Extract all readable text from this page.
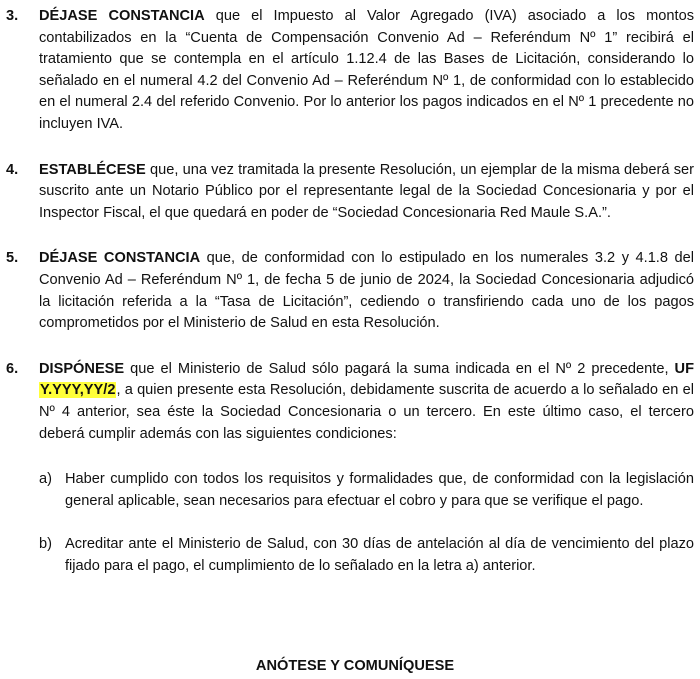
3. DÉJASE CONSTANCIA que el Impuesto al Valor Agregado (IVA) asociado a los montos contabilizados en la “Cuenta de Compensación Convenio Ad – Referéndum Nº 1” recibirá el tratamiento que se contempla en el artículo 1.12.4 de las Bases de Licitación, considerando lo señalado en el numeral 4.2 del Convenio Ad – Referéndum Nº 1, de conformidad con lo establecido en el numeral 2.4 del referido Convenio. Por lo anterior los pagos indicados en el Nº 1 precedente no incluyen IVA.

4. ESTABLÉCESE que, una vez tramitada la presente Resolución, un ejemplar de la misma deberá ser suscrito ante un Notario Público por el representante legal de la Sociedad Concesionaria y por el Inspector Fiscal, el que quedará en poder de “Sociedad Concesionaria Red Maule S.A.”.

5. DÉJASE CONSTANCIA que, de conformidad con lo estipulado en los numerales 3.2 y 4.1.8 del Convenio Ad – Referéndum Nº 1, de fecha 5 de junio de 2024, la Sociedad Concesionaria adjudicó la licitación referida a la “Tasa de Licitación”, cediendo o transfiriendo cada uno de los pagos comprometidos por el Ministerio de Salud en esta Resolución.

6. DISPÓNESE que el Ministerio de Salud sólo pagará la suma indicada en el Nº 2 precedente, UF Y.YYY,YY/2, a quien presente esta Resolución, debidamente suscrita de acuerdo a lo señalado en el Nº 4 anterior, sea éste la Sociedad Concesionaria o un tercero. En este último caso, el tercero deberá cumplir además con las siguientes condiciones:

a) Haber cumplido con todos los requisitos y formalidades que, de conformidad con la legislación general aplicable, sean necesarios para efectuar el cobro y para que se verifique el pago.
b) Acreditar ante el Ministerio de Salud, con 30 días de antelación al día de vencimiento del plazo fijado para el pago, el cumplimiento de lo señalado en la letra a) anterior.
ANÓTESE Y COMUNÍQUESE
